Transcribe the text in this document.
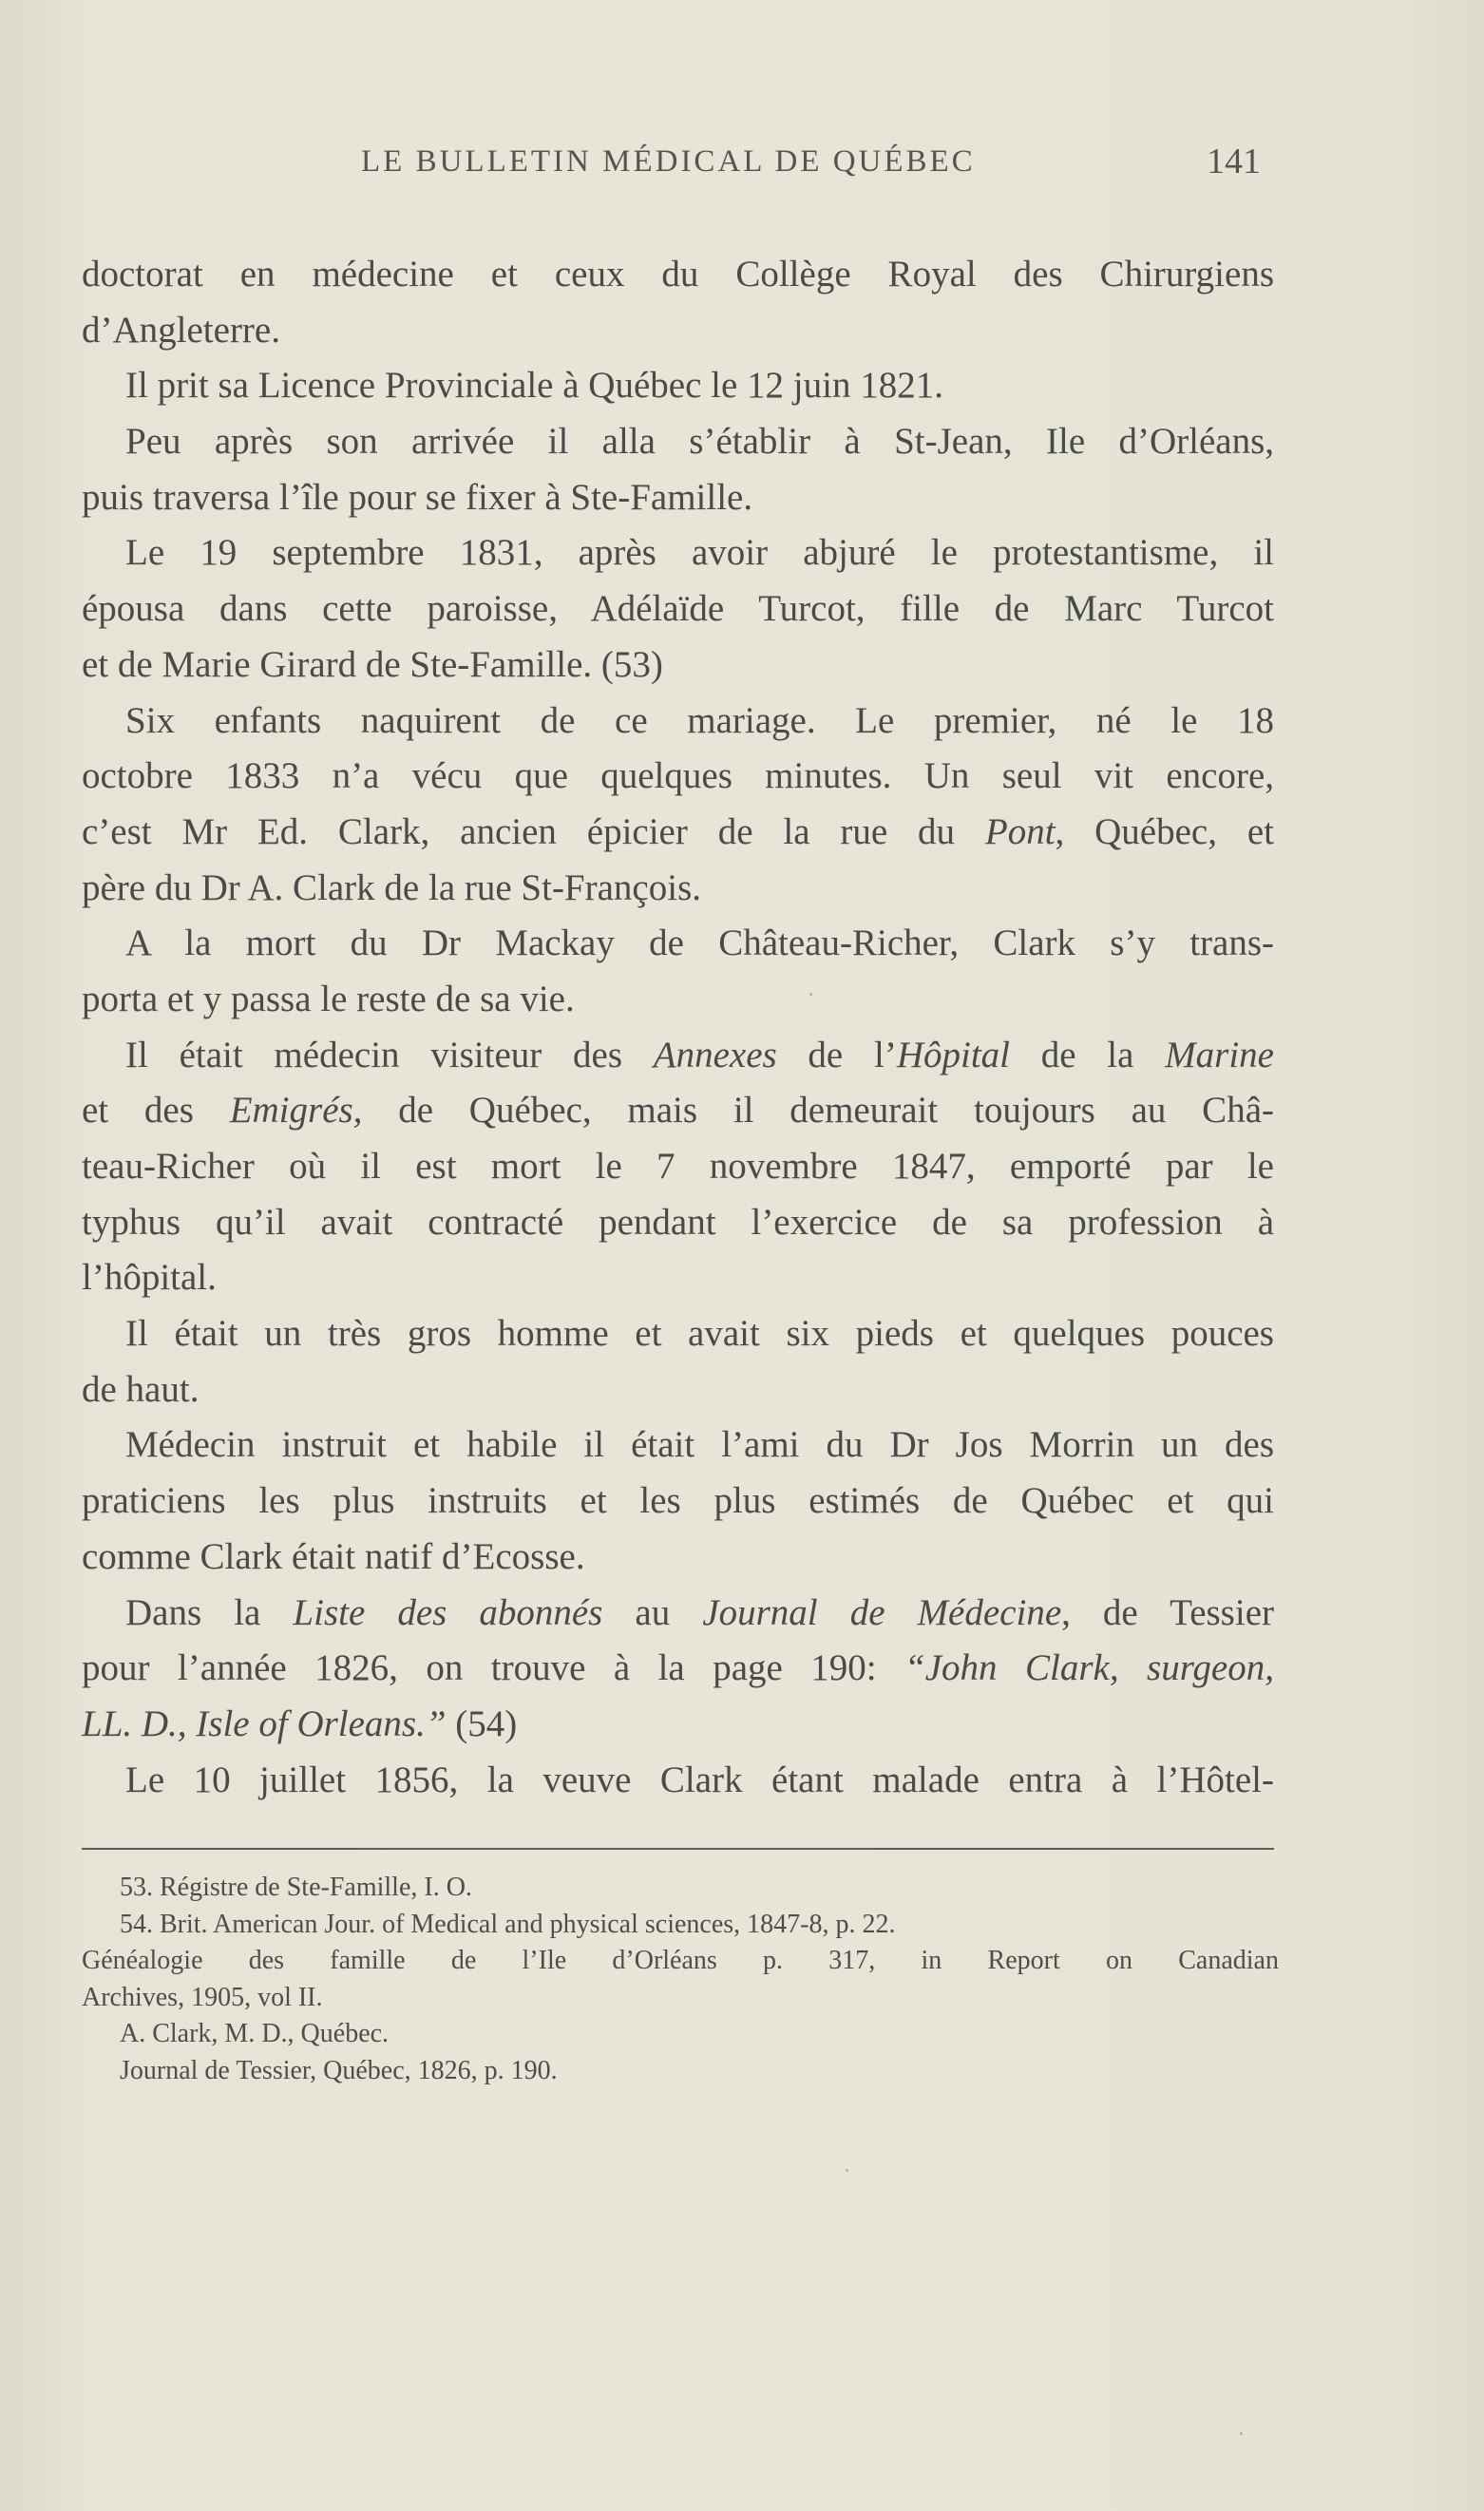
LE BULLETIN MÉDICAL DE QUÉBEC	141
doctorat en médecine et ceux du Collège Royal des Chirurgiens
d’Angleterre.
Il prit sa Licence Provinciale à Québec le 12 juin 1821.
Peu après son arrivée il alla s’établir à St-Jean, Ile d’Orléans,
puis traversa l’île pour se fixer à Ste-Famille.
Le 19 septembre 1831, après avoir abjuré le protestantisme, il
épousa dans cette paroisse, Adélaïde Turcot, fille de Marc Turcot
et de Marie Girard de Ste-Famille. (53)
Six enfants naquirent de ce mariage. Le premier, né le 18
octobre 1833 n’a vécu que quelques minutes. Un seul vit encore,
c’est Mr Ed. Clark, ancien épicier de la rue du Pont, Québec, et
père du Dr A. Clark de la rue St-François.
A la mort du Dr Mackay de Château-Richer, Clark s’y trans-
porta et y passa le reste de sa vie.
Il était médecin visiteur des Annexes de l’Hôpital de la Marine
et des Emigrés, de Québec, mais il demeurait toujours au Châ-
teau-Richer où il est mort le 7 novembre 1847, emporté par le
typhus qu’il avait contracté pendant l’exercice de sa profession à
l’hôpital.
Il était un très gros homme et avait six pieds et quelques pouces
de haut.
Médecin instruit et habile il était l’ami du Dr Jos Morrin un des
praticiens les plus instruits et les plus estimés de Québec et qui
comme Clark était natif d’Ecosse.
Dans la Liste des abonnés au Journal de Médecine, de Tessier
pour l’année 1826, on trouve à la page 190: “John Clark, surgeon,
LL. D., Isle of Orleans.” (54)
Le 10 juillet 1856, la veuve Clark étant malade entra à l’Hôtel-
53. Régistre de Ste-Famille, I. O.
54. Brit. American Jour. of Medical and physical sciences, 1847-8, p. 22.
Généalogie des famille de l’Ile d’Orléans p. 317, in Report on Canadian
Archives, 1905, vol II.
A. Clark, M. D., Québec.
Journal de Tessier, Québec, 1826, p. 190.
